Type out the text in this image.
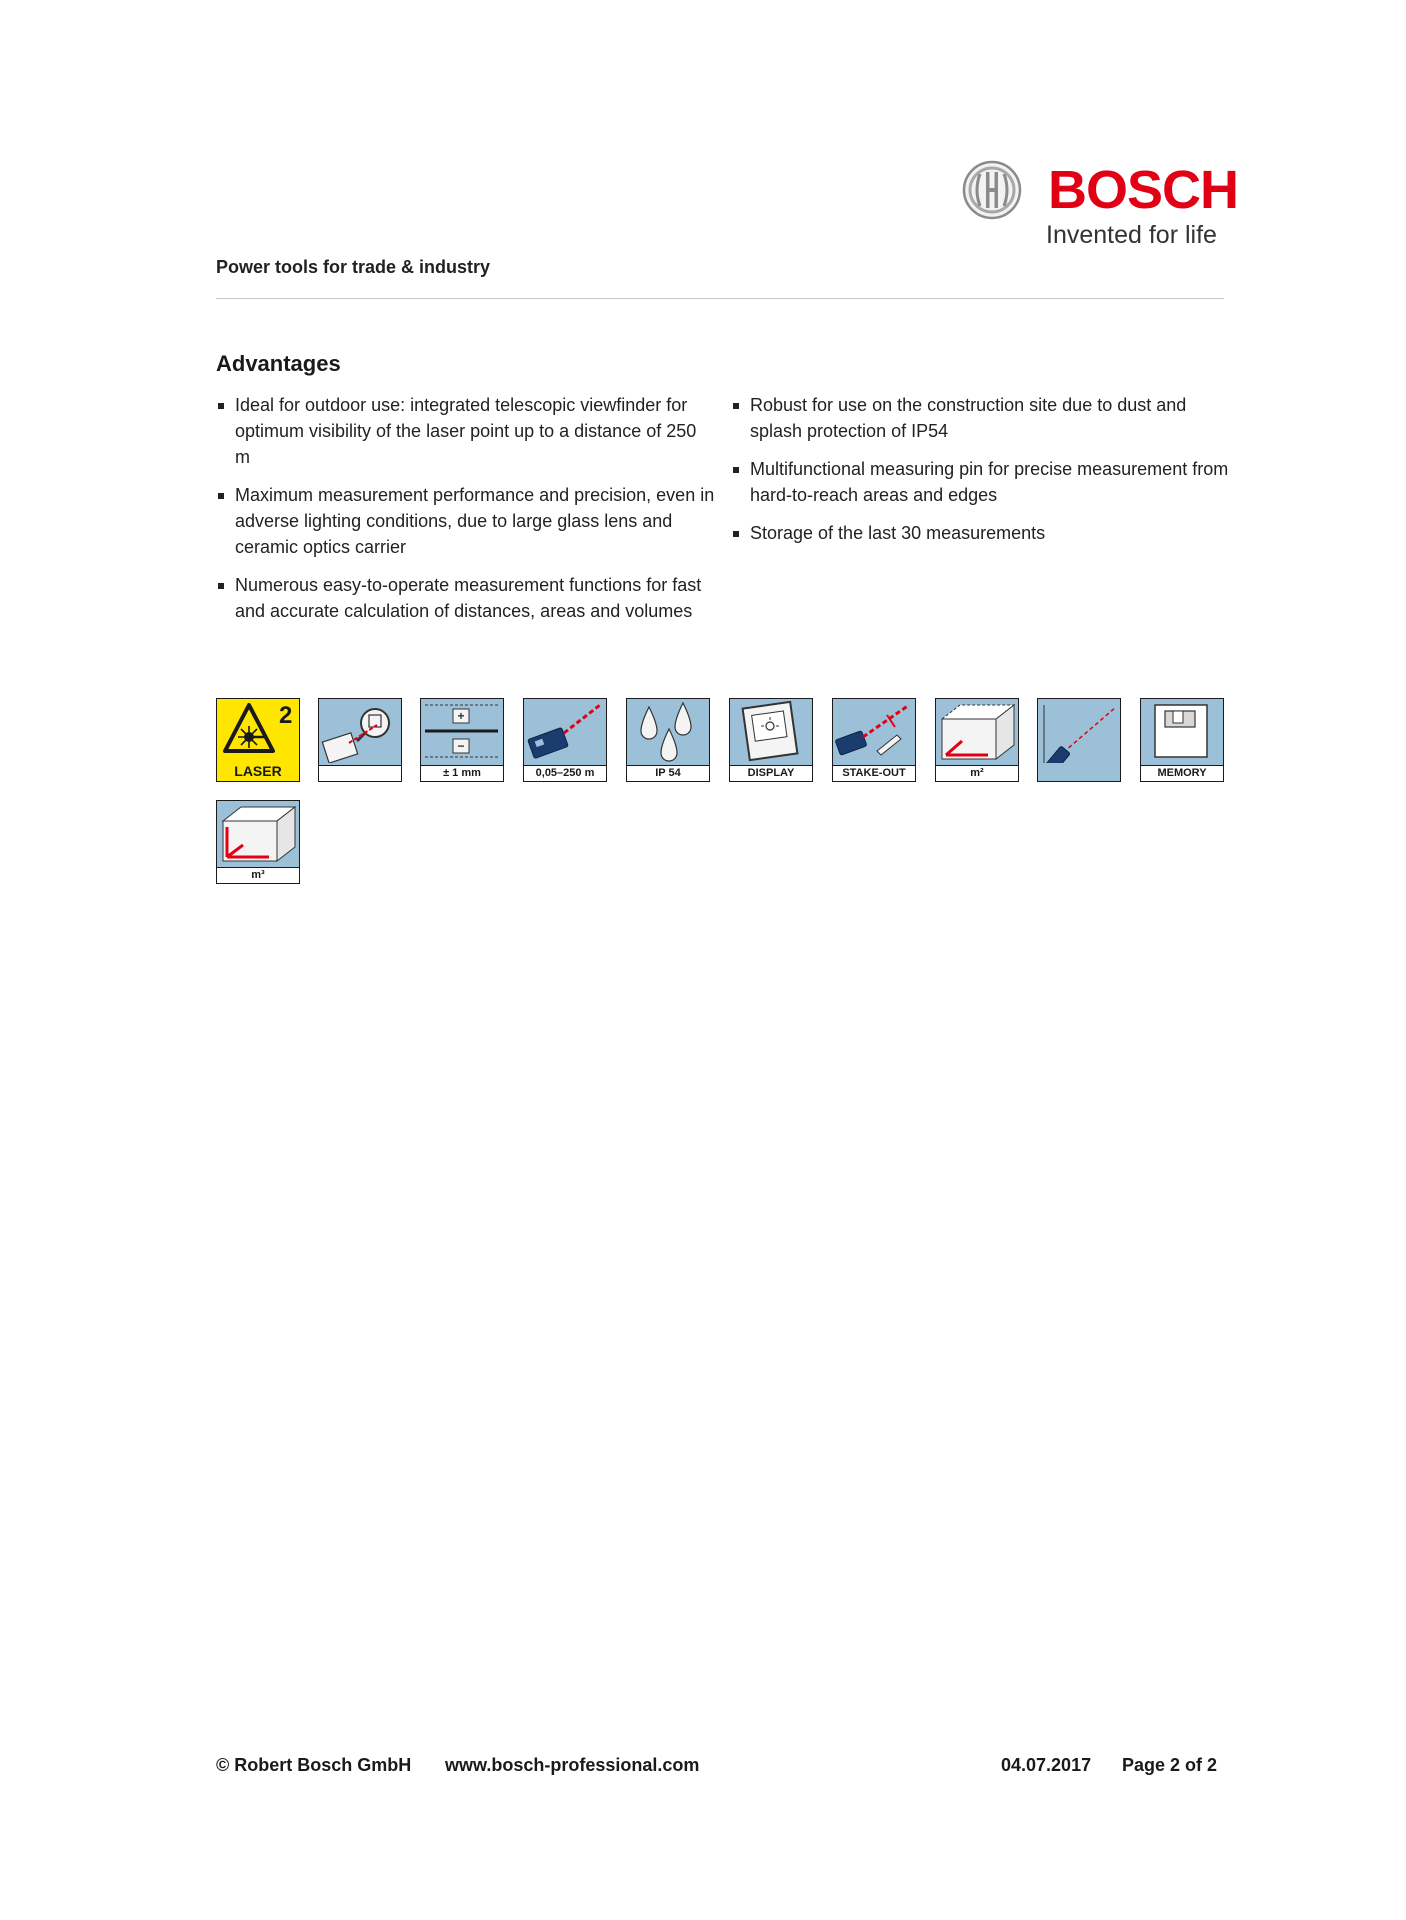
BOSCH
Invented for life
Power tools for trade & industry
Advantages
Ideal for outdoor use: integrated telescopic viewfinder for optimum visibility of the laser point up to a distance of 250 m
Maximum measurement performance and precision, even in adverse lighting conditions, due to large glass lens and ceramic optics carrier
Numerous easy-to-operate measurement functions for fast and accurate calculation of distances, areas and volumes
Robust for use on the construction site due to dust and splash protection of IP54
Multifunctional measuring pin for precise measurement from hard-to-reach areas and edges
Storage of the last 30 measurements
2
LASER
+
−
± 1 mm	0,05–250 m	IP 54	DISPLAY	STAKE-OUT	m²	MEMORY
m³
© Robert Bosch GmbH www.bosch-professional.com	04.07.2017 Page 2 of 2
